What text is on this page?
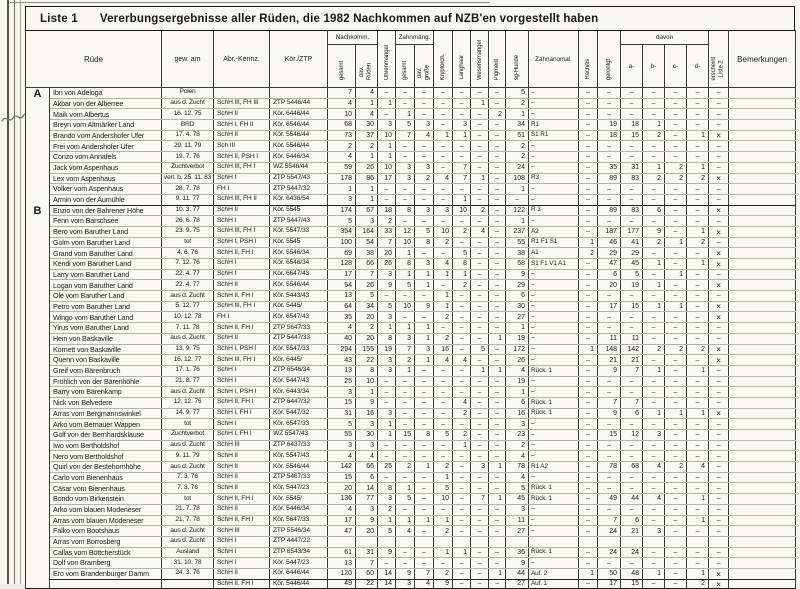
Liste 1	Vererbungsergebnisse aller Rüden, die 1982 Nachkommen auf NZB'en vorgestellt haben
Rüde		gew. am	Abr.-Kennz.	Kör./ZTP	Nachkomm.		Ohrenmängel	Zahnmäng.		Kryptorch.	Langhaar	Wesensmängel	Pigment	sg-Hunde	Zahnanomal.	Rachitis	geröntgt	davon				erscheint Liste 2	Bemerkungen
gesamt	dav. Rüden	gesamt	dav. große	a-	b-	c-	d-
A	Ibn von Adeloga	Polen			7	4	–	–	–	–	–	–	–	5	–	–	–	–	–	–	–	–	
	Akbar von der Alberree	aus d. Zucht	SchH III, FH III	ZTP 5446/44	4	1	1	–	–	–	–	1	–	2	–	–	–	–	–	–	–	–	
	Maik vom Albertus	16. 12. 75	SchH II	Kör. 6446/44	10	4	–	1	–	–	–	–	2	1	–	–	–	–	–	–	–	–	
	Breyn vom Altmärker Land	BRD	SchH I, FH II	Kör. 6546/44	68	30	3	5	3	–	3	–	–	34	R1	–	19	18	1	–	–	–	
	Brando vom Andershofer Ufer	17. 4. 78	SchH II	Kör. 5546/44	73	37	10	7	4	1	1	–	–	51	S1 R1	–	18	15	2	–	1	×	
	Frei vom Andershofer Ufer	29. 11. 79	Sch III	Kör. 5546/44	2	2	1	–	–	–	–	–	–	2	–	–	–	–	–	–	–	–	
	Conzo vom Annafels	19. 7. 76	SchH II, PSH I	Kör. 5446/34	4	1	1	–	–	–	–	–	–	2	–	–	–	–	–	–	–	–	
	Jack vom Aspenhaus	Zuchtverbot	SchH III, FH I	WZ 5546/44	59	26	10	3	3	–	7	–	–	24	–	–	35	31	1	2	1	–	
	Lex vom Aspenhaus	verl. b. 25. 11. 83	SchH I	ZTP 5547/43	178	86	17	3	2	4	7	1	–	108	R3	–	89	83	2	2	2	×	
	Volker vom Aspenhaus	28. 7. 78	FH I	ZTP 5447/32	1	1	–	–	–	–	–	–	–	1	–	–	–	–	–	–	–	–	
	Armin von der Aumühle	9. 11. 77	SchH III, FH II	Kör. 6436/54	3	1	–	–	–	–	1	–	–	–	–	–	–	–	–	–	–	–	
B	Enzio von der Bahrener Höhe	10. 3. 77	SchH II	Kör. 5545	174	67	18	8	3	3	10	2	–	122	R 3	–	89	83	6	–	–	×	
	Fenn vom Barschsee	26. 6. 78	SchH I	ZTP 5447/43	5	3	2	–	–	–	–	–	–	1	–	–	–	–	–	–	–	–	
	Bero vom Baruther Land	23. 9. 75	SchH III, FH I	Kör. 5547/33	354	164	33	12	5	10	2	4	–	237	A2	–	187	177	9	–	1	×	
	Golm vom Baruther Land	tot	SchH I, PSH I	Kör. 5545	100	54	7	10	8	2	–	–	–	55	R1 F1 S1	1	46	41	2	1	2	–	
	Grand vom Baruther Land	4. 6. 76	SchH II, FH I	Kör. 5546/34	69	38	20	1	–	–	5	–	–	38	A1	2	29	29	–	–	–	×	
	Kendi vom Baruther Land	7. 12. 76	SchH I	Kör. 6546/34	128	66	26	8	3	4	8	–	–	58	S1 F1 V1 A1	–	47	45	1	–	1	×	
	Larry vom Baruther Land	22. 4. 77	SchH I	Kör. 6647/43	17	7	3	1	1	1	1	–	–	9	–	–	6	5	–	1	–	–	
	Logan vom Baruther Land	22. 4. 77	SchH II	Kör. 5546/44	54	26	9	5	1	–	2	–	–	29	–	–	20	19	1	–	–	×	
	Ole vom Baruther Land	aus d. Zucht	SchH II, FH I	Kör. 5443/43	13	5	–	–	–	1	–	–	–	6	–	–	–	–	–	–	–	–	
	Petro vom Baruther Land	5. 12. 77	SchH III, FH I	Kör. 5445/	64	34	5	10	9	1	–	–	–	30	–	–	17	15	1	1	–	×	
	Wingo vom Baruther Land	10. 12. 78	FH I	Kör. 6547/43	35	20	3	–	–	2	–	–	–	27	–	–	–	–	–	–	–	×	
	Yirus vom Baruther Land	7. 11. 78	SchH II, FH I	ZTP 5647/33	4	2	1	1	1	–	–	–	–	1	–	–	–	–	–	–	–	–	
	Hein von Baskaville	aus d. Zucht	SchH II	ZTP 5447/33	40	20	8	3	1	2	–	–	1	19	–	–	11	11	–	–	–	–	
	Kornett von Baskaville	13. 9. 75	SchH I, PSH I	Kör. 5547/33	294	155	19	7	3	16	–	5	–	172	–	1	148	142	2	2	2	×	
	Quenn von Baskaville	16. 12. 77	SchH III, FH I	Kör. 6445/	43	22	3	2	1	4	4	–	–	26	–	–	21	21	–	–	–	×	
	Greif vom Bärenbruch	17. 1. 76	SchH I	ZTP 6546/34	13	8	3	1	–	–	–	1	1	4	Rück. 1	–	9	7	1	–	1	–	
	Fröhlich von der Bärenhöhle	21. 8. 77	SchH I	Kör. 5447/43	25	10	–	–	–	–	–	–	–	19	–	–	–	–	–	–	–	–	
	Barry vom Bärenkamp	aus d. Zucht	SchH I, PSH I	Kör. 6443/34	3	1	–	–	–	–	–	–	–	1	–	–	–	–	–	–	–	–	
	Nick von Belvedere	12. 12. 76	SchH II, FH I	ZTP 6447/32	15	9	–	–	–	–	4	–	–	6	Rück. 1	–	7	7	–	–	–	–	
	Arras vom Bergmannswinkel	14. 9. 77	SchH I, FH I	Kör. 5447/32	31	16	3	–	–	–	2	–	–	16	Rück. 1	–	9	6	1	1	1	×	
	Arko vom Bernauer Wappen	tot	SchH I	Kör. 6547/33	5	3	1	–	–	–	–	–	–	3	–	–	–	–	–	–	–	–	
	Golf von der Bernhardsklause	Zuchtverbot	SchH I, FH I	WZ 5547/43	55	30	1	15	8	5	2	–	–	23	–	–	15	12	3	–	–	–	
	Iwo vom Bertholdshof	aus d. Zucht	SchH III	ZTP 6437/33	3	3	–	–	–	–	1	–	–	2	–	–	–	–	–	–	–	–	
	Nero vom Bertholdshof	9. 11. 79	SchH II	Kör. 5547/43	4	4	–	–	–	–	–	–	–	4	–	–	–	–	–	–	–	–	
	Quirl von der Bestehornhöhe	aus d. Zucht	SchH II	Kör. 5546/44	142	66	25	2	1	2	–	3	1	78	R1 A2	–	78	68	4	2	4	–	
	Carlo vom Bienenhaus	7. 3. 76	SchH II	ZTP 5467/33	15	6	–	–	–	1	–	–	–	4	–	–	–	–	–	–	–	–	
	Cäsar vom Bienenhaus	7. 3. 76	SchH II	Kör. 5447/23	20	14	8	1	–	5	–	–	–	5	Rück. 1	–	–	–	–	–	–	–	
	Bondo vom Birkenstein	tot	SchH II, FH I	Kör. 5545/	136	77	3	5	–	10	–	7	1	45	Rück. 1	–	49	44	4	–	1	–	
	Arko vom blauen Modeneser	21. 7. 78	SchH II	Kör. 5446/34	4	3	2	–	–	–	–	–	–	3	–	–	–	–	–	–	–	–	
	Arras vom blauen Modeneser	21. 7. 78	SchH II, FH I	Kör. 5647/33	17	9	1	1	1	1	–	–	–	11	–	–	7	6	–	–	1	–	
	Falko vom Bootshaus	aus d. Zucht	SchH III	ZTP 5546/34	47	20	5	4	–	2	–	–	–	27	–	–	24	21	3	–	–	–	
	Arras vom Borrosberg	aus d. Zucht	SchH I	ZTP 4447/22																			
	Callas vom Böttcherstück	Ausland	SchH I	ZTP 6543/34	61	31	9	–	–	1	1	–	–	36	Rück. 1	–	24	24	–	–	–	–	
	Dolf von Bramberg	31. 10. 78	SchH I	Kör. 5447/23	13	7	–	–	–	–	–	–	–	9	–	–	–	–	–	–	–	–	
	Ero vom Brandenburger Damm	24. 3. 76	SchH II	Kör. 6446/44	120	60	14	9	7	2	–	–	1	44	Auf. 2	1	50	48	1	–	1	×	
			SchH II, FH I	Kör. 5446/44	49	22	14	3	4	9	–	–	–	27	Auf. 1	–	17	15	–	–	2	×	
